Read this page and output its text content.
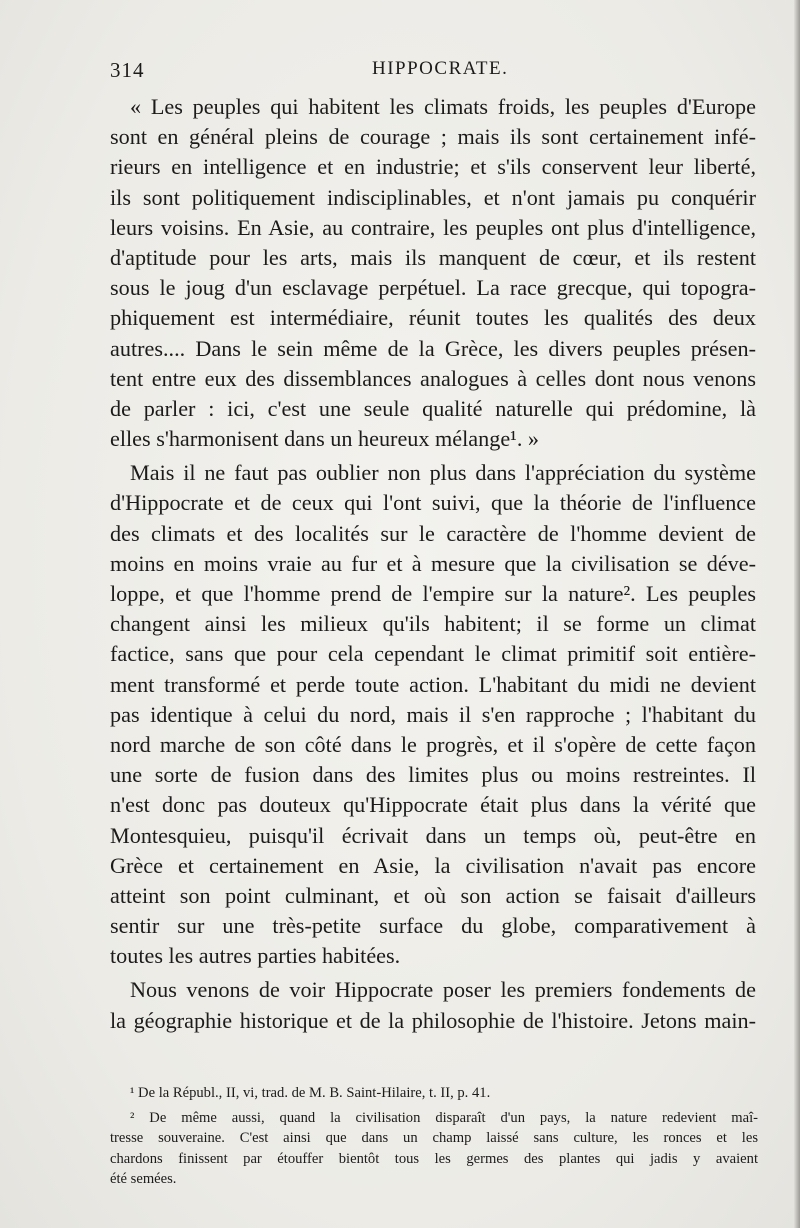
314	HIPPOCRATE.
« Les peuples qui habitent les climats froids, les peuples d'Europe
sont en général pleins de courage ; mais ils sont certainement infé-
rieurs en intelligence et en industrie; et s'ils conservent leur liberté,
ils sont politiquement indisciplinables, et n'ont jamais pu conquérir
leurs voisins. En Asie, au contraire, les peuples ont plus d'intelligence,
d'aptitude pour les arts, mais ils manquent de cœur, et ils restent
sous le joug d'un esclavage perpétuel. La race grecque, qui topogra-
phiquement est intermédiaire, réunit toutes les qualités des deux
autres.... Dans le sein même de la Grèce, les divers peuples présen-
tent entre eux des dissemblances analogues à celles dont nous venons
de parler : ici, c'est une seule qualité naturelle qui prédomine, là
elles s'harmonisent dans un heureux mélange¹. »
Mais il ne faut pas oublier non plus dans l'appréciation du système
d'Hippocrate et de ceux qui l'ont suivi, que la théorie de l'influence
des climats et des localités sur le caractère de l'homme devient de
moins en moins vraie au fur et à mesure que la civilisation se déve-
loppe, et que l'homme prend de l'empire sur la nature². Les peuples
changent ainsi les milieux qu'ils habitent; il se forme un climat
factice, sans que pour cela cependant le climat primitif soit entière-
ment transformé et perde toute action. L'habitant du midi ne devient
pas identique à celui du nord, mais il s'en rapproche ; l'habitant du
nord marche de son côté dans le progrès, et il s'opère de cette façon
une sorte de fusion dans des limites plus ou moins restreintes. Il
n'est donc pas douteux qu'Hippocrate était plus dans la vérité que
Montesquieu, puisqu'il écrivait dans un temps où, peut-être en
Grèce et certainement en Asie, la civilisation n'avait pas encore
atteint son point culminant, et où son action se faisait d'ailleurs
sentir sur une très-petite surface du globe, comparativement à
toutes les autres parties habitées.
Nous venons de voir Hippocrate poser les premiers fondements de
la géographie historique et de la philosophie de l'histoire. Jetons main-
¹ De la Républ., II, vi, trad. de M. B. Saint-Hilaire, t. II, p. 41.
² De même aussi, quand la civilisation disparaît d'un pays, la nature redevient maî-
tresse souveraine. C'est ainsi que dans un champ laissé sans culture, les ronces et les
chardons finissent par étouffer bientôt tous les germes des plantes qui jadis y avaient
été semées.
